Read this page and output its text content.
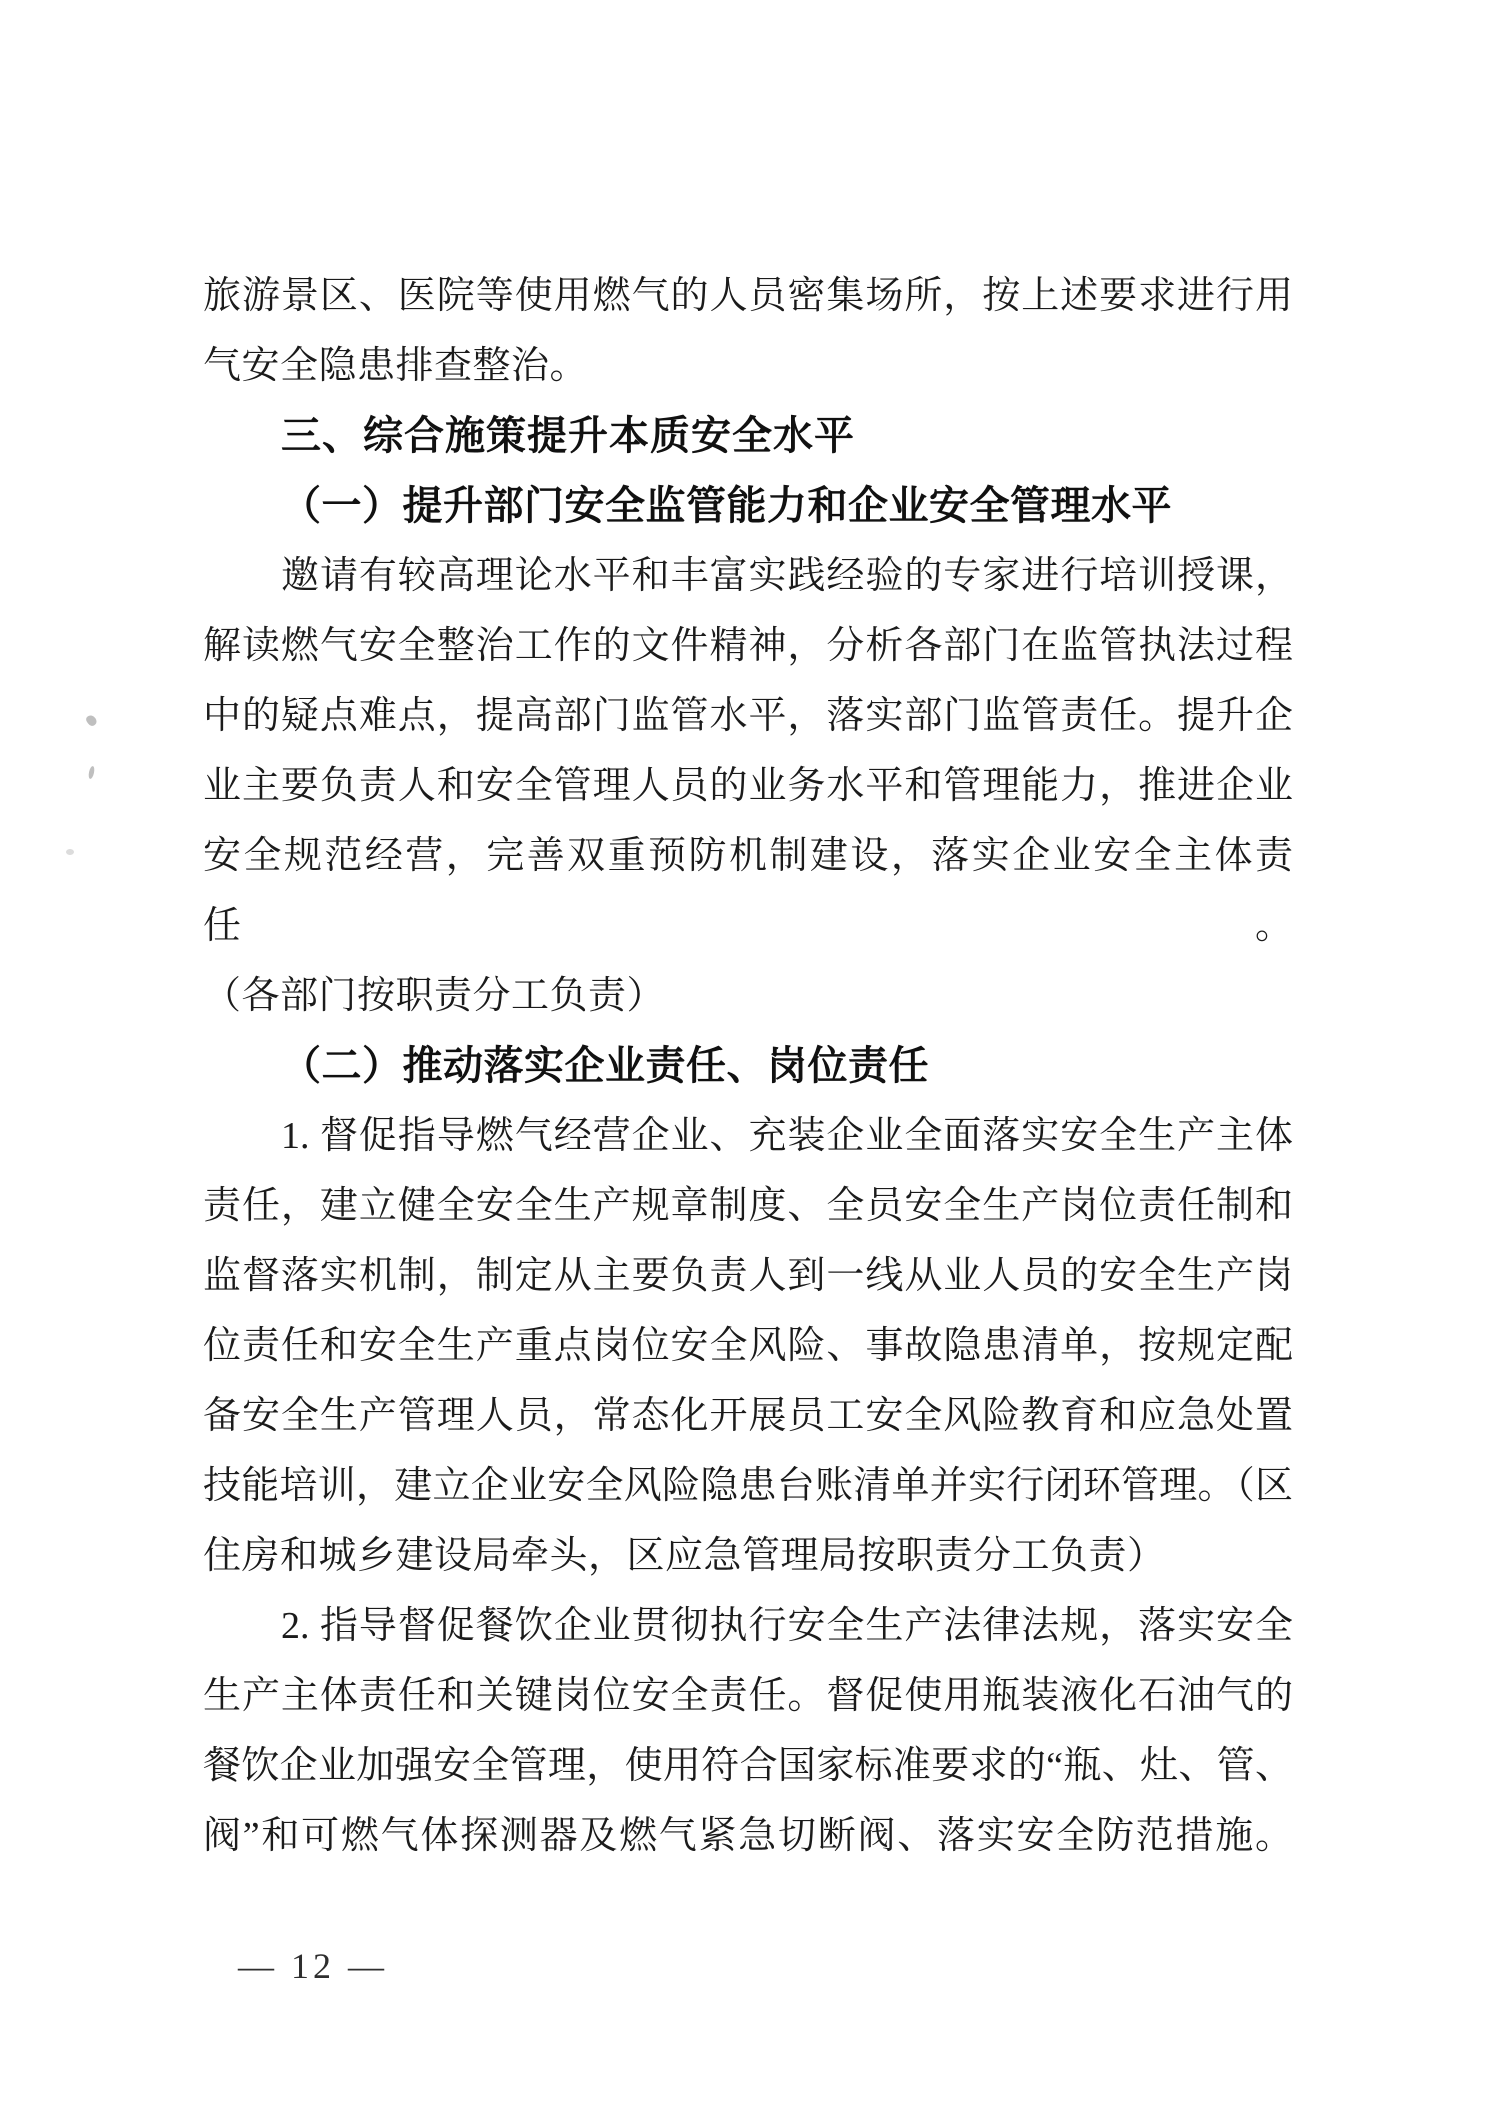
旅游景区、医院等使用燃气的人员密集场所，按上述要求进行用
气安全隐患排查整治。
三、综合施策提升本质安全水平
（一）提升部门安全监管能力和企业安全管理水平
邀请有较高理论水平和丰富实践经验的专家进行培训授课，
解读燃气安全整治工作的文件精神，分析各部门在监管执法过程
中的疑点难点，提高部门监管水平，落实部门监管责任。提升企
业主要负责人和安全管理人员的业务水平和管理能力，推进企业
安全规范经营，完善双重预防机制建设，落实企业安全主体责任。
（各部门按职责分工负责）
（二）推动落实企业责任、岗位责任
1. 督促指导燃气经营企业、充装企业全面落实安全生产主体
责任，建立健全安全生产规章制度、全员安全生产岗位责任制和
监督落实机制，制定从主要负责人到一线从业人员的安全生产岗
位责任和安全生产重点岗位安全风险、事故隐患清单，按规定配
备安全生产管理人员，常态化开展员工安全风险教育和应急处置
技能培训，建立企业安全风险隐患台账清单并实行闭环管理。（区
住房和城乡建设局牵头，区应急管理局按职责分工负责）
2. 指导督促餐饮企业贯彻执行安全生产法律法规，落实安全
生产主体责任和关键岗位安全责任。督促使用瓶装液化石油气的
餐饮企业加强安全管理，使用符合国家标准要求的“瓶、灶、管、
阀”和可燃气体探测器及燃气紧急切断阀、落实安全防范措施。
— 12 —
